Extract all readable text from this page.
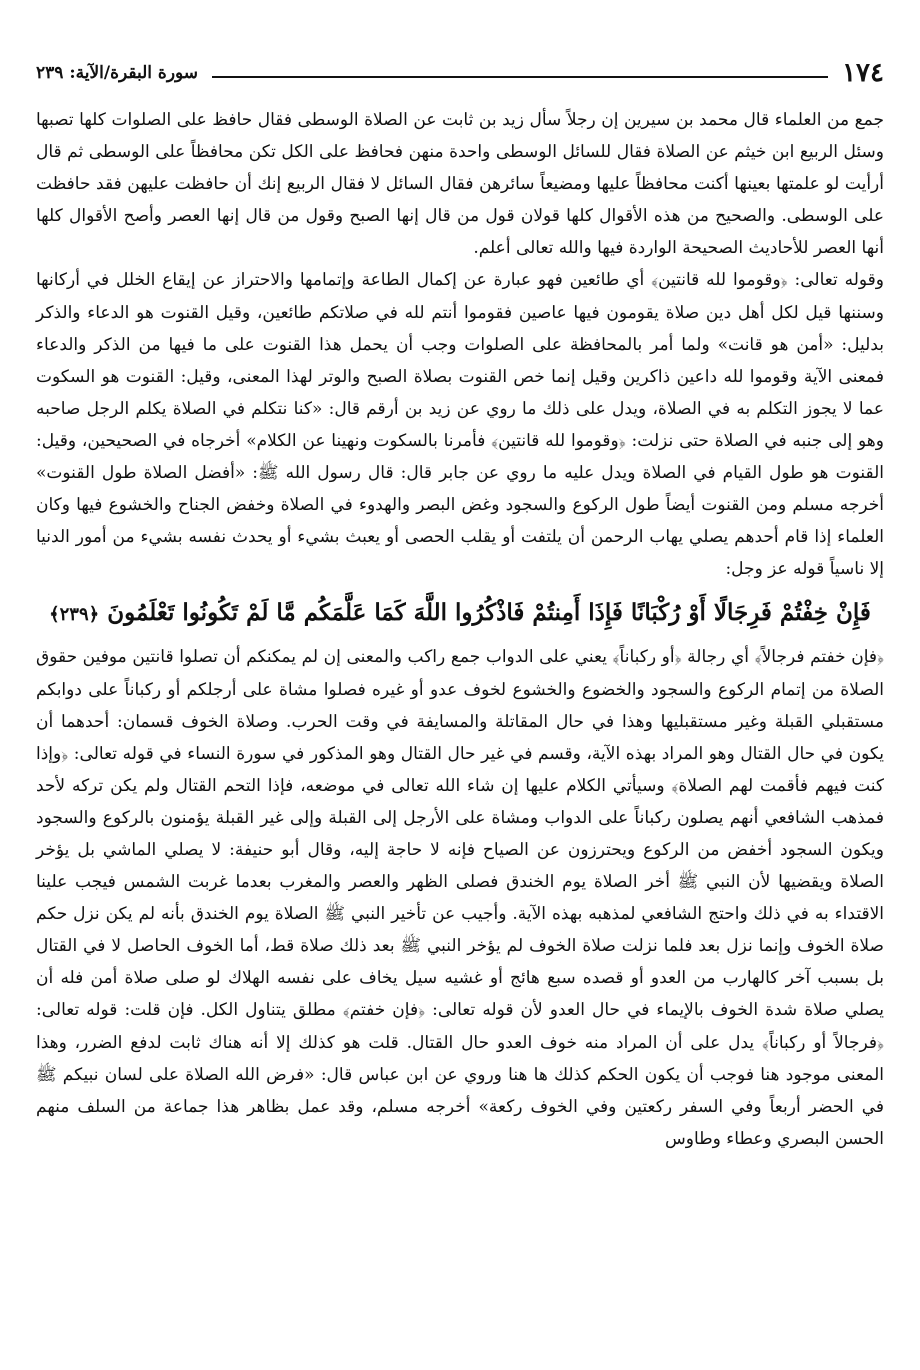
١٧٤
سورة البقرة/الآية: ٢٣٩

جمع من العلماء قال محمد بن سيرين إن رجلاً سأل زيد بن ثابت عن الصلاة الوسطى فقال حافظ على الصلوات كلها تصبها وسئل الربيع ابن خيثم عن الصلاة فقال للسائل الوسطى واحدة منهن فحافظ على الكل تكن محافظاً على الوسطى ثم قال أرأيت لو علمتها بعينها أكنت محافظاً عليها ومضيعاً سائرهن فقال السائل لا فقال الربيع إنك أن حافظت عليهن فقد حافظت على الوسطى. والصحيح من هذه الأقوال كلها قولان قول من قال إنها الصبح وقول من قال إنها العصر وأصح الأقوال كلها أنها العصر للأحاديث الصحيحة الواردة فيها والله تعالى أعلم.

وقوله تعالى: ﴿وقوموا لله قانتين﴾ أي طائعين فهو عبارة عن إكمال الطاعة وإتمامها والاحتراز عن إيقاع الخلل في أركانها وسننها قيل لكل أهل دين صلاة يقومون فيها عاصين فقوموا أنتم لله في صلاتكم طائعين، وقيل القنوت هو الدعاء والذكر بدليل: «أمن هو قانت» ولما أمر بالمحافظة على الصلوات وجب أن يحمل هذا القنوت على ما فيها من الذكر والدعاء فمعنى الآية وقوموا لله داعين ذاكرين وقيل إنما خص القنوت بصلاة الصبح والوتر لهذا المعنى، وقيل: القنوت هو السكوت عما لا يجوز التكلم به في الصلاة، ويدل على ذلك ما روي عن زيد بن أرقم قال: «كنا نتكلم في الصلاة يكلم الرجل صاحبه وهو إلى جنبه في الصلاة حتى نزلت: ﴿وقوموا لله قانتين﴾ فأمرنا بالسكوت ونهينا عن الكلام» أخرجاه في الصحيحين، وقيل: القنوت هو طول القيام في الصلاة ويدل عليه ما روي عن جابر قال: قال رسول الله ﷺ: «أفضل الصلاة طول القنوت» أخرجه مسلم ومن القنوت أيضاً طول الركوع والسجود وغض البصر والهدوء في الصلاة وخفض الجناح والخشوع فيها وكان العلماء إذا قام أحدهم يصلي يهاب الرحمن أن يلتفت أو يقلب الحصى أو يعبث بشيء أو يحدث نفسه بشيء من أمور الدنيا إلا ناسياً قوله عز وجل:

فَإِنْ خِفْتُمْ فَرِجَالًا أَوْ رُكْبَانًا فَإِذَا أَمِنتُمْ فَاذْكُرُوا اللَّهَ كَمَا عَلَّمَكُم مَّا لَمْ تَكُونُوا تَعْلَمُونَ ﴿٢٣٩﴾

﴿فإن خفتم فرجالاً﴾ أي رجالة ﴿أو ركباناً﴾ يعني على الدواب جمع راكب والمعنى إن لم يمكنكم أن تصلوا قانتين موفين حقوق الصلاة من إتمام الركوع والسجود والخضوع والخشوع لخوف عدو أو غيره فصلوا مشاة على أرجلكم أو ركباناً على دوابكم مستقبلي القبلة وغير مستقبليها وهذا في حال المقاتلة والمسايفة في وقت الحرب. وصلاة الخوف قسمان: أحدهما أن يكون في حال القتال وهو المراد بهذه الآية، وقسم في غير حال القتال وهو المذكور في سورة النساء في قوله تعالى: ﴿وإذا كنت فيهم فأقمت لهم الصلاة﴾ وسيأتي الكلام عليها إن شاء الله تعالى في موضعه، فإذا التحم القتال ولم يكن تركه لأحد فمذهب الشافعي أنهم يصلون ركباناً على الدواب ومشاة على الأرجل إلى القبلة وإلى غير القبلة يؤمنون بالركوع والسجود ويكون السجود أخفض من الركوع ويحترزون عن الصياح فإنه لا حاجة إليه، وقال أبو حنيفة: لا يصلي الماشي بل يؤخر الصلاة ويقضيها لأن النبي ﷺ أخر الصلاة يوم الخندق فصلى الظهر والعصر والمغرب بعدما غربت الشمس فيجب علينا الاقتداء به في ذلك واحتج الشافعي لمذهبه بهذه الآية. وأجيب عن تأخير النبي ﷺ الصلاة يوم الخندق بأنه لم يكن نزل حكم صلاة الخوف وإنما نزل بعد فلما نزلت صلاة الخوف لم يؤخر النبي ﷺ بعد ذلك صلاة قط، أما الخوف الحاصل لا في القتال بل بسبب آخر كالهارب من العدو أو قصده سبع هائج أو غشيه سيل يخاف على نفسه الهلاك لو صلى صلاة أمن فله أن يصلي صلاة شدة الخوف بالإيماء في حال العدو لأن قوله تعالى: ﴿فإن خفتم﴾ مطلق يتناول الكل. فإن قلت: قوله تعالى: ﴿فرجالاً أو ركباناً﴾ يدل على أن المراد منه خوف العدو حال القتال. قلت هو كذلك إلا أنه هناك ثابت لدفع الضرر، وهذا المعنى موجود هنا فوجب أن يكون الحكم كذلك ها هنا وروي عن ابن عباس قال: «فرض الله الصلاة على لسان نبيكم ﷺ في الحضر أربعاً وفي السفر ركعتين وفي الخوف ركعة» أخرجه مسلم، وقد عمل بظاهر هذا جماعة من السلف منهم الحسن البصري وعطاء وطاوس
